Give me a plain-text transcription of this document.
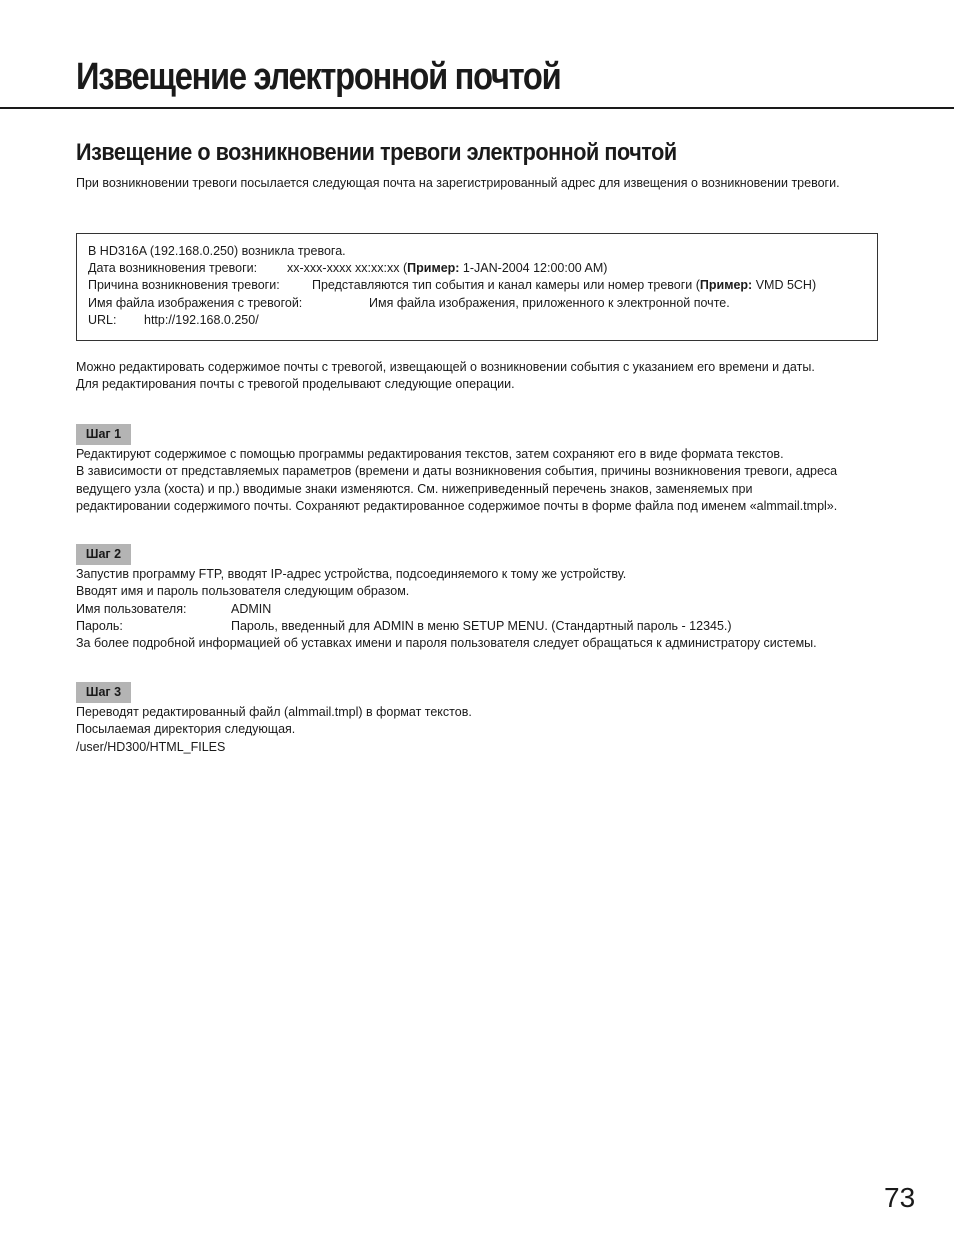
Извещение электронной почтой
Извещение о возникновении тревоги электронной почтой
При возникновении тревоги посылается следующая почта на зарегистрированный адрес для извещения о возникновении тревоги.
В HD316A (192.168.0.250) возникла тревога.
Дата возникновения тревоги: xx-xxx-xxxx xx:xx:xx (Пример: 1-JAN-2004 12:00:00 AM)
Причина возникновения тревоги:	Представляются тип события и канал камеры или номер тревоги (Пример: VMD 5CH)
Имя файла изображения с тревогой:	Имя файла изображения, приложенного к электронной почте.
URL: http://192.168.0.250/
Можно редактировать содержимое почты с тревогой, извещающей о возникновении события с указанием его времени и даты.
Для редактирования почты с тревогой проделывают следующие операции.
Шаг 1
Редактируют содержимое с помощью программы редактирования текстов, затем сохраняют его в виде формата текстов.
В зависимости от представляемых параметров (времени и даты возникновения события, причины возникновения тревоги, адреса
ведущего узла (хоста) и пр.) вводимые знаки изменяются. См. нижеприведенный перечень знаков, заменяемых при
редактировании содержимого почты. Сохраняют редактированное содержимое почты в форме файла под именем «almmail.tmpl».
Шаг 2
Запустив программу FTP, вводят IP-адрес устройства, подсоединяемого к тому же устройству.
Вводят имя и пароль пользователя следующим образом.
Имя пользователя:	ADMIN
Пароль:	Пароль, введенный для ADMIN в меню SETUP MENU. (Стандартный пароль - 12345.)
За более подробной информацией об уставках имени и пароля пользователя следует обращаться к администратору системы.
Шаг 3
Переводят редактированный файл (almmail.tmpl) в формат текстов.
Посылаемая директория следующая.
/user/HD300/HTML_FILES
73
